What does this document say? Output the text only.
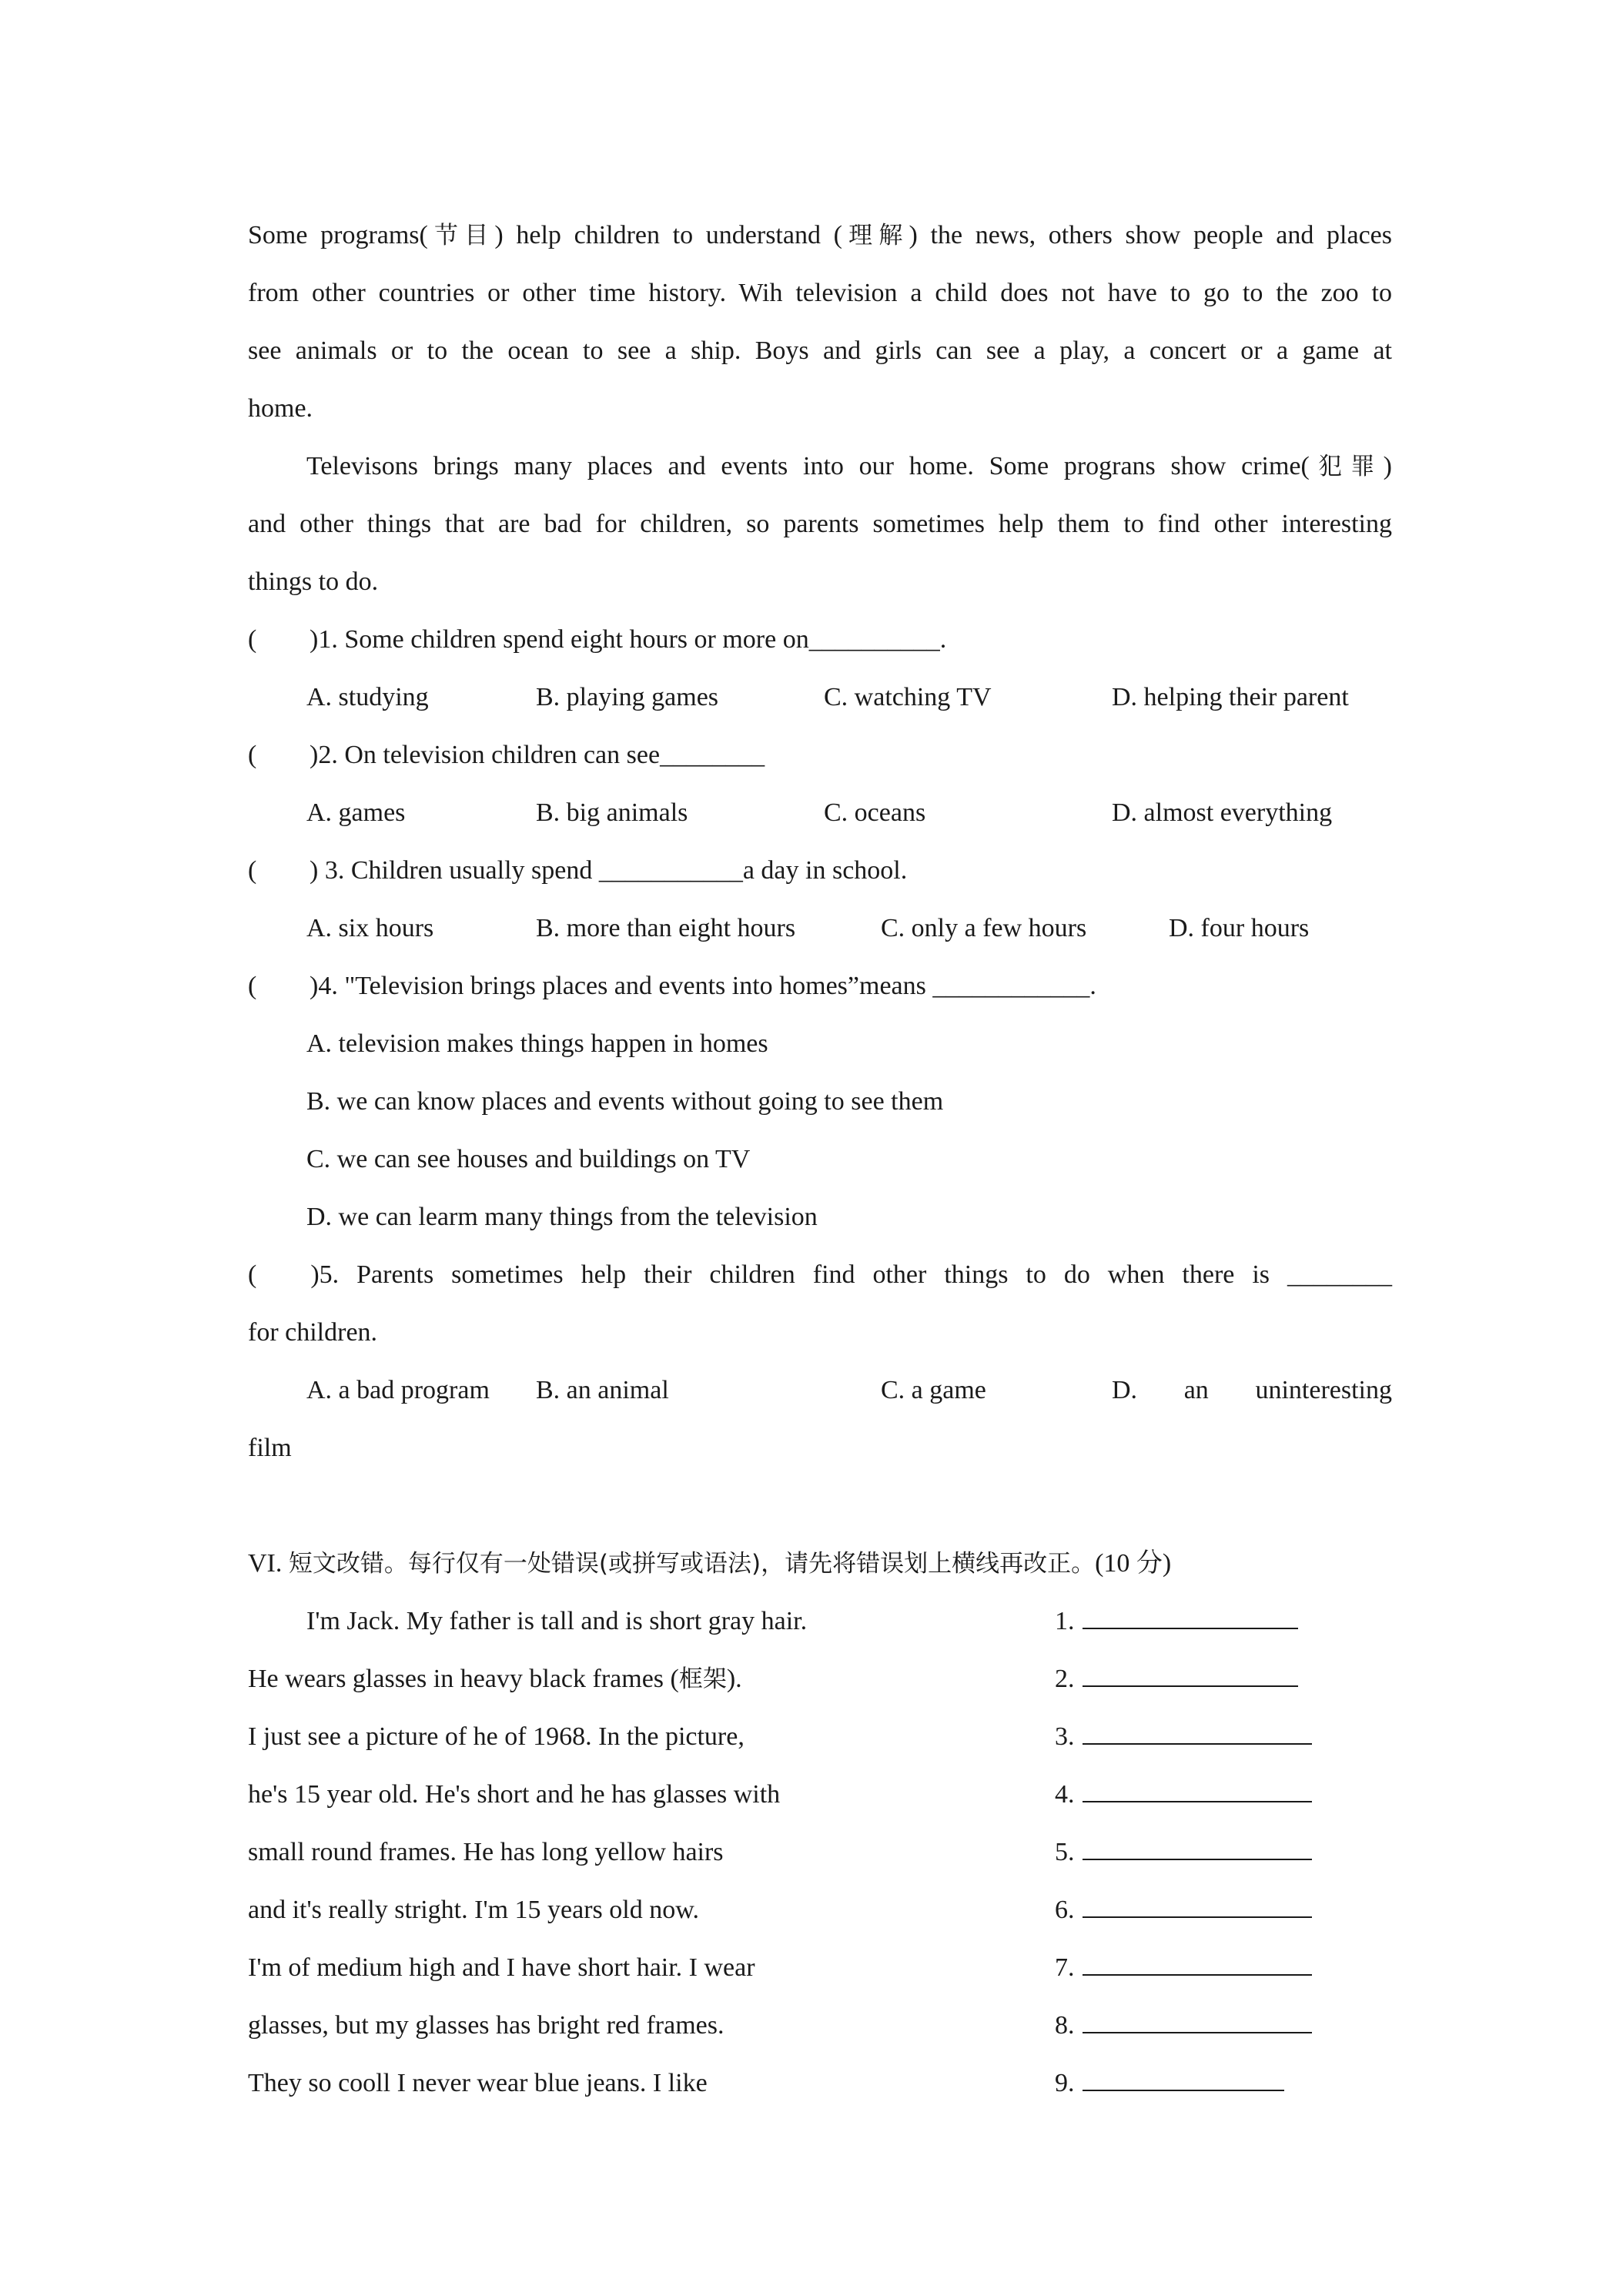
Some programs(节目) help children to understand (理解) the news, others show people and places
from other countries or other time history. Wih television a child does not have to go to the zoo to
see animals or to the ocean to see a ship. Boys and girls can see a play, a concert or a game at
home.
Televisons brings many places and events into our home. Some prograns show crime(犯罪)
and other things that are bad for children, so parents sometimes help them to find other interesting
things to do.
( )1. Some children spend eight hours or more on__________.
A. studying	B. playing games	C. watching TV	D. helping their parent
( )2. On television children can see________
A. games	B. big animals	C. oceans	D. almost everything
( ) 3. Children usually spend ___________a day in school.
A. six hours	B. more than eight hours	C. only a few hours	D. four hours
( )4. "Television brings places and events into homes”means ____________.
A. television makes things happen in homes
B. we can know places and events without going to see them
C. we can see houses and buildings on TV
D. we can learm many things from the television
( )5. Parents sometimes help their children find other things to do when there is ________
for children.
A. a bad program B. an animal	C. a game	D. an uninteresting
film
VI. 短文改错。每行仅有一处错误(或拼写或语法)，请先将错误划上横线再改正。(10 分)
I'm Jack. My father is tall and is short gray hair.	1.
He wears glasses in heavy black frames (框架).	2.
I just see a picture of he of 1968. In the picture,	3.
he's 15 year old. He's short and he has glasses with	4.
small round frames. He has long yellow hairs	5.
and it's really stright. I'm 15 years old now.	6.
I'm of medium high and I have short hair. I wear	7.
glasses, but my glasses has bright red frames.	8.
They so cooll I never wear blue jeans. I like	9.
